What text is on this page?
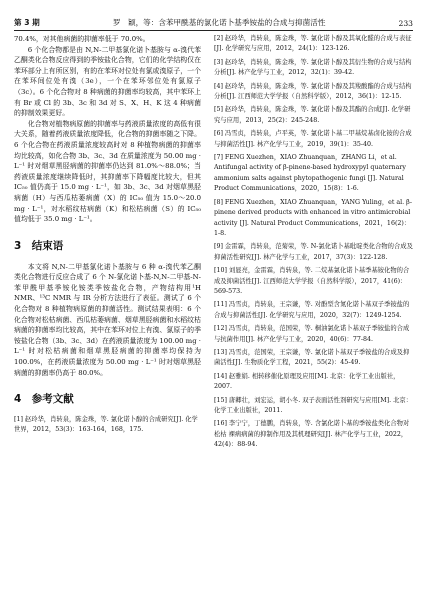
第 3 期	罗　颖，等：含苯甲酰基的氯化诺卜基季铵盐的合成与抑菌活性	233

70.4%，对其他病菌的抑菌率低于 70.0%。

6 个化合物都是由 N,N-二甲基氯化诺卜基胺与 α-溴代苯乙酮类化合物反应得到的季铵盐化合物，它们的化学结构仅在苯环部分上有所区别，有的在苯环对位处有氯或溴原子，一个在苯环间位处有溴（3e），一个在苯环邻位处有氯原子（3c）。6 个化合物对 8 种病菌的抑菌率均较高，其中苯环上有 Br 或 Cl 的 3b、3c 和 3d 对 S、X、H、K 这 4 种病菌的抑制效果更好。

化合物对植物病原菌的抑菌率与药液质量浓度的高低有很大关系，随着药液质量浓度降低，化合物的抑菌率随之下降。6 个化合物在药液质量浓度较高时对 8 种植物病菌的抑菌率均比较高，如化合物 3b、3c、3d 在质量浓度为 50.00 mg · L⁻¹ 时对烟草黑胫病菌的抑菌率仍达到 81.0%～88.0%；当药液质量浓度继续降低时，其抑菌率下降幅度比较大，但其 IC₅₀ 值仍高于 15.0 mg · L⁻¹，如 3b、3c、3d 对烟草黑胫病菌（H）与西瓜枯萎病菌（X）的 IC₅₀ 值为 15.0～20.0 mg · L⁻¹，对水稻纹枯病菌（K）和松枯病菌（S）的 IC₅₀ 值均低于 35.0 mg · L⁻¹。

3　结束语

本文将 N,N-二甲基氯化诺卜基胺与 6 种 α-溴代苯乙酮类化合物进行反应合成了 6 个 N-氯化诺卜基-N,N-二甲基-N-苯甲酰甲基季铵化铵类季铵盐化合物，产物结构用¹H NMR、¹³C NMR 与 IR 分析方法进行了表征。测试了 6 个化合物对 8 种植物病原菌的抑菌活性。测试结果表明：6 个化合物对松枯病菌、西瓜枯萎病菌、烟草黑胫病菌和水稻纹枯病菌的抑菌率均比较高，其中在苯环对位上有溴、氯原子的季铵盐化合物（3b、3c、3d）在药液质量浓度为 100.00 mg · L⁻¹ 时对松枯病菌和烟草黑胫病菌的抑菌率均保持为 100.0%，在药液质量浓度为 50.00 mg · L⁻¹ 时对烟草黑胫病菌的抑菌率仍高于 80.0%。

4　参考文献

[1] 赵玲华，肖转泉，陈金珠，等. 氯化诺卜醇的合成研究[J]. 化学世界，2012，53(3)：163-164，168，175.

[2] 赵玲华，肖转泉，陈金珠，等. 氯化诺卜醇及其氧化醛的合成与表征[J]. 化学研究与应用，2012，24(1)：123-126.

[3] 赵玲华，肖转泉，陈金珠，等. 氯化诺卜醇及其衍生物的合成与结构分析[J]. 林产化学与工业，2012，32(1)：39-42.

[4] 赵玲华，肖转泉，陈金珠，等. 氯化诺卜醇及其羧酸酯的合成与结构分析[J]. 江西师范大学学报（自然科学版），2012，36(1)：12-15.

[5] 赵玲华，肖转泉，陈金珠，等. 氯化诺卜醇及其酯的合成[J]. 化学研究与应用，2013，25(2)：245-248.

[6] 冯雪贞，肖转泉，卢平英，等. 氯化诺卜基二甲基烷基卤化铵的合成与抑菌活性[J]. 林产化学与工业，2019，39(1)：35-40.

[7] FENG Xuezhen，XIAO Zhuanquan，ZHANG Li，et al. Antifungal activity of β-pinene-based hydroxypyl quaternary ammonium salts against phytopathogenic fungi [J]. Natural Product Communications，2020，15(8)：1-6.

[8] FENG Xuezhen，XIAO Zhuanquan，YANG Yuling，et al. β-pinene derived products with enhanced in vitro antimicrobial activity [J]. Natural Product Communications，2021，16(2)：1-8.

[9] 金雷霖，肖转泉，范菊荣，等. N-氯化诺卜基吡啶类化合物的合成及抑菌活性研究[J]. 林产化学与工业，2017，37(3)：122-128.

[10] 刘显亮，金雷霖，肖转泉，等. 二烷基氯化诺卜基季基铵化物的合成及抑菌活性[J]. 江西师范大学学报（自然科学版），2017，41(6)：569-573.

[11] 冯雪贞，肖转泉，王宗谦，等. 对酚型含氮化诺卜基双子季铵盐的合成与抑菌活性[J]. 化学研究与应用，2020，32(7)：1249-1254.

[12] 冯雪贞，肖转泉，范国荣，等. 桐油氯化诺卜基双子季铵盐的合成与抗菌作用[J]. 林产化学与工业，2020，40(6)：77-84.

[13] 冯雪贞，范国荣，王宗谦，等. 氯化诺卜基双子季铵盐的合成及抑菌活性[J]. 生物质化学工程，2021，55(2)：45-49.

[14] 赵雅娟. 相转移催化原理及应用[M]. 北京：化学工业出版社，2007.

[15] 唐卿壮，刘宏运，胡小冬. 双子表面活性剂研究与应用[M]. 北京：化学工业出版社，2011.

[16] 李宁宁，丁德鹏，肖转泉，等. 含氯化诺卜基的季铵盐类化合物对松枯 裸病病菌的抑制作用及其机理研究[J]. 林产化学与工业，2022，42(4)：88-94.
